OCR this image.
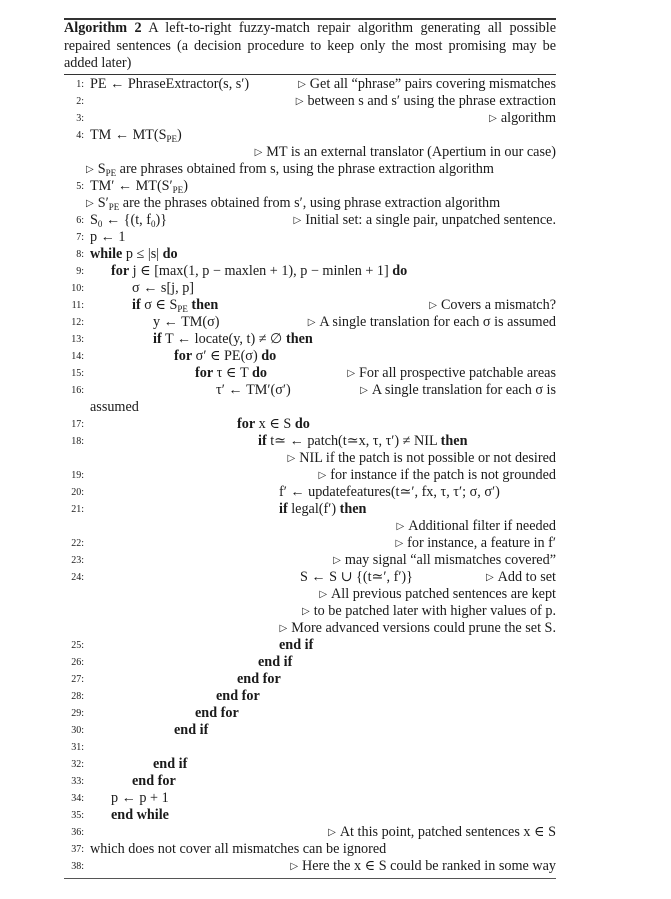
Algorithm 2 A left-to-right fuzzy-match repair algorithm generating all possible repaired sentences (a decision procedure to keep only the most promising may be added later)
1: PE ← PhraseExtractor(s, s′)	▷ Get all “phrase” pairs covering mismatches
2:	▷ between s and s′ using the phrase extraction
3:	▷ algorithm
4: TM ← $MT(S_{PE})$
▷ MT is an external translator (Apertium in our case)
▷ $S_{PE}$ are phrases obtained from s, using the phrase extraction algorithm
5: TM′ ← $MT(S'_{PE})$
▷ $S'_{PE}$ are the phrases obtained from s′, using phrase extraction algorithm
6: $S_0$ ← {(t, $f_0$)}	▷ Initial set: a single pair, unpatched sentence.
7: p ← 1
8: while p ≤ |s| do
9: for j ∈ [max(1, p − maxlen + 1), p − minlen + 1] do
10:	σ ← s[j, p]
11:	if σ ∈ $S_{PE}$ then	▷ Covers a mismatch?
12:	y ← TM(σ)	▷ A single translation for each σ is assumed
13:	if T ← locate(y, t) ≠ ∅ then
14:	for σ′ ∈ PE(σ) do
15:	for τ ∈ T do	▷ For all prospective patchable areas
16:	τ′ ← TM′(σ′)	▷ A single translation for each σ is
assumed
17:	for x ∈ S do
18:	if t≃ ← patch(t≃x, τ, τ′) ≠ NIL then
▷ NIL if the patch is not possible or not desired
19:	▷ for instance if the patch is not grounded
20:	f′ ← updatefeatures(t≃′, fx, τ, τ′; σ, σ′)
21:	if legal(f′) then
▷ Additional filter if needed
22:	▷ for instance, a feature in f′
23:	▷ may signal “all mismatches covered”
24:	S ← S ∪ {(t≃′, f′)}	▷ Add to set
▷ All previous patched sentences are kept
▷ to be patched later with higher values of p.
▷ More advanced versions could prune the set S.
25:	end if
26:	end if
27:	end for
28:	end for
29:	end for
30:	end if
31:
32:	end if
33:	end for
34: p ← p + 1
35: end while
36:	▷ At this point, patched sentences x ∈ S
37: which does not cover all mismatches can be ignored
38:	▷ Here the x ∈ S could be ranked in some way
